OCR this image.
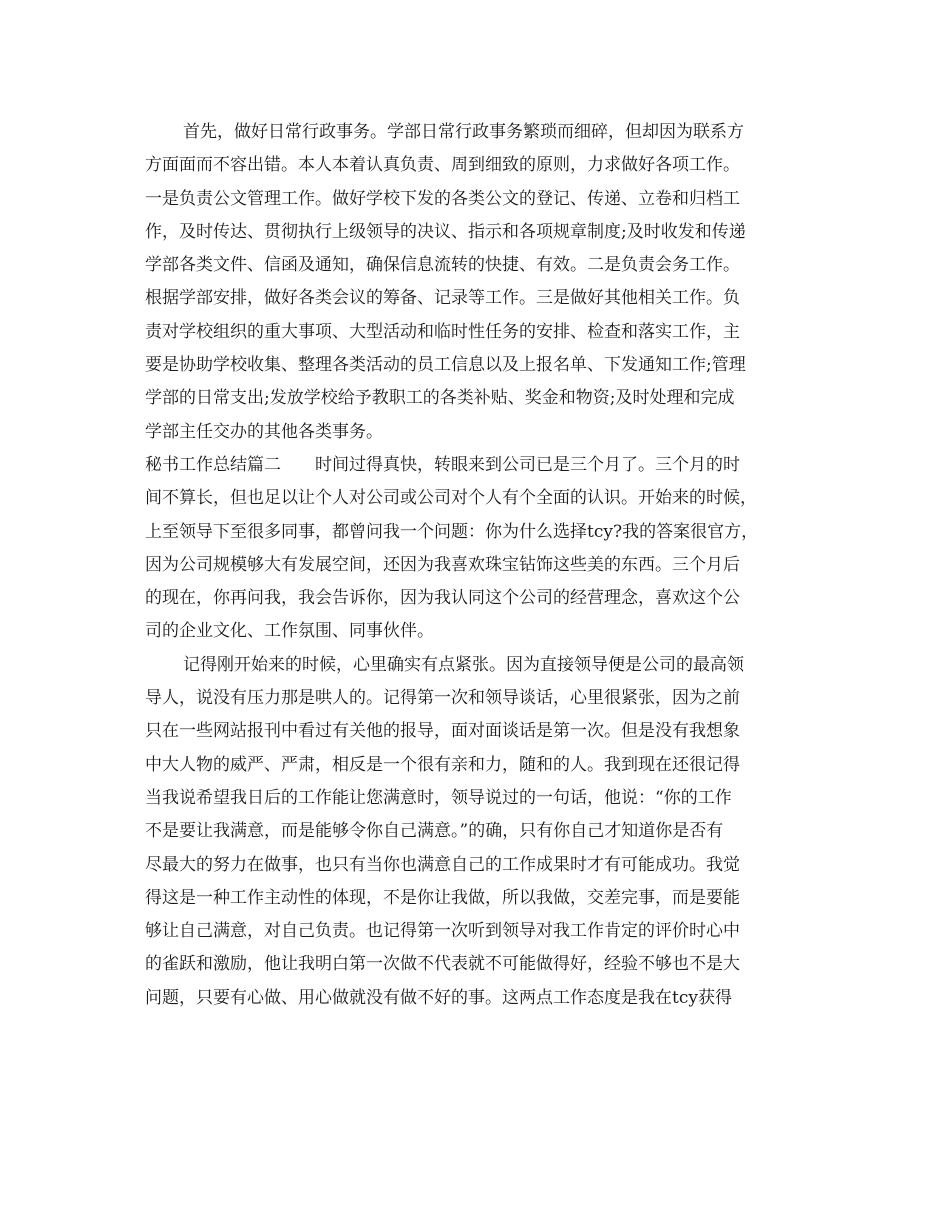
首先，做好日常行政事务。学部日常行政事务繁琐而细碎，但却因为联系方
方面面而不容出错。本人本着认真负责、周到细致的原则，力求做好各项工作。
一是负责公文管理工作。做好学校下发的各类公文的登记、传递、立卷和归档工
作，及时传达、贯彻执行上级领导的决议、指示和各项规章制度;及时收发和传递
学部各类文件、信函及通知，确保信息流转的快捷、有效。二是负责会务工作。
根据学部安排，做好各类会议的筹备、记录等工作。三是做好其他相关工作。负
责对学校组织的重大事项、大型活动和临时性任务的安排、检查和落实工作，主
要是协助学校收集、整理各类活动的员工信息以及上报名单、下发通知工作;管理
学部的日常支出;发放学校给予教职工的各类补贴、奖金和物资;及时处理和完成
学部主任交办的其他各类事务。
秘书工作总结篇二　　时间过得真快，转眼来到公司已是三个月了。三个月的时
间不算长，但也足以让个人对公司或公司对个人有个全面的认识。开始来的时候，
上至领导下至很多同事，都曾问我一个问题：你为什么选择tcy?我的答案很官方，
因为公司规模够大有发展空间，还因为我喜欢珠宝钻饰这些美的东西。三个月后
的现在，你再问我，我会告诉你，因为我认同这个公司的经营理念，喜欢这个公
司的企业文化、工作氛围、同事伙伴。
记得刚开始来的时候，心里确实有点紧张。因为直接领导便是公司的最高领
导人，说没有压力那是哄人的。记得第一次和领导谈话，心里很紧张，因为之前
只在一些网站报刊中看过有关他的报导，面对面谈话是第一次。但是没有我想象
中大人物的威严、严肃，相反是一个很有亲和力，随和的人。我到现在还很记得
当我说希望我日后的工作能让您满意时，领导说过的一句话，他说：“你的工作
不是要让我满意，而是能够令你自己满意。”的确，只有你自己才知道你是否有
尽最大的努力在做事，也只有当你也满意自己的工作成果时才有可能成功。我觉
得这是一种工作主动性的体现，不是你让我做，所以我做，交差完事，而是要能
够让自己满意，对自己负责。也记得第一次听到领导对我工作肯定的评价时心中
的雀跃和激励，他让我明白第一次做不代表就不可能做得好，经验不够也不是大
问题，只要有心做、用心做就没有做不好的事。这两点工作态度是我在tcy获得
